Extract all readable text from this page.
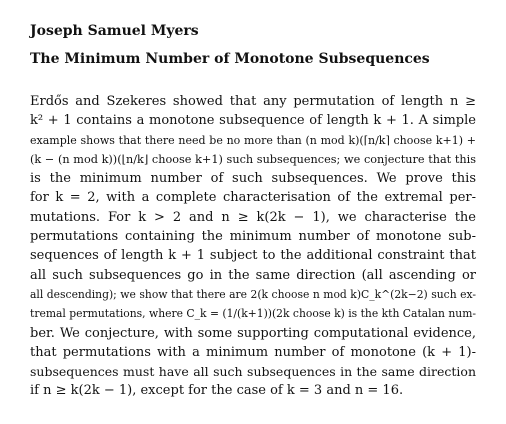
Joseph Samuel Myers

The Minimum Number of Monotone Subsequences

Erdős and Szekeres showed that any permutation of length n ≥
k² + 1 contains a monotone subsequence of length k + 1. A simple
example shows that there need be no more than (n mod k)(⌈n/k⌉ choose k+1) +
(k − (n mod k))(⌊n/k⌋ choose k+1) such subsequences; we conjecture that this
is the minimum number of such subsequences. We prove this
for k = 2, with a complete characterisation of the extremal per-
mutations. For k > 2 and n ≥ k(2k − 1), we characterise the
permutations containing the minimum number of monotone sub-
sequences of length k + 1 subject to the additional constraint that
all such subsequences go in the same direction (all ascending or
all descending); we show that there are 2(k choose n mod k)C_k^(2k−2) such ex-
tremal permutations, where C_k = (1/(k+1))(2k choose k) is the kth Catalan num-
ber. We conjecture, with some supporting computational evidence,
that permutations with a minimum number of monotone (k + 1)-
subsequences must have all such subsequences in the same direction
if n ≥ k(2k − 1), except for the case of k = 3 and n = 16.
